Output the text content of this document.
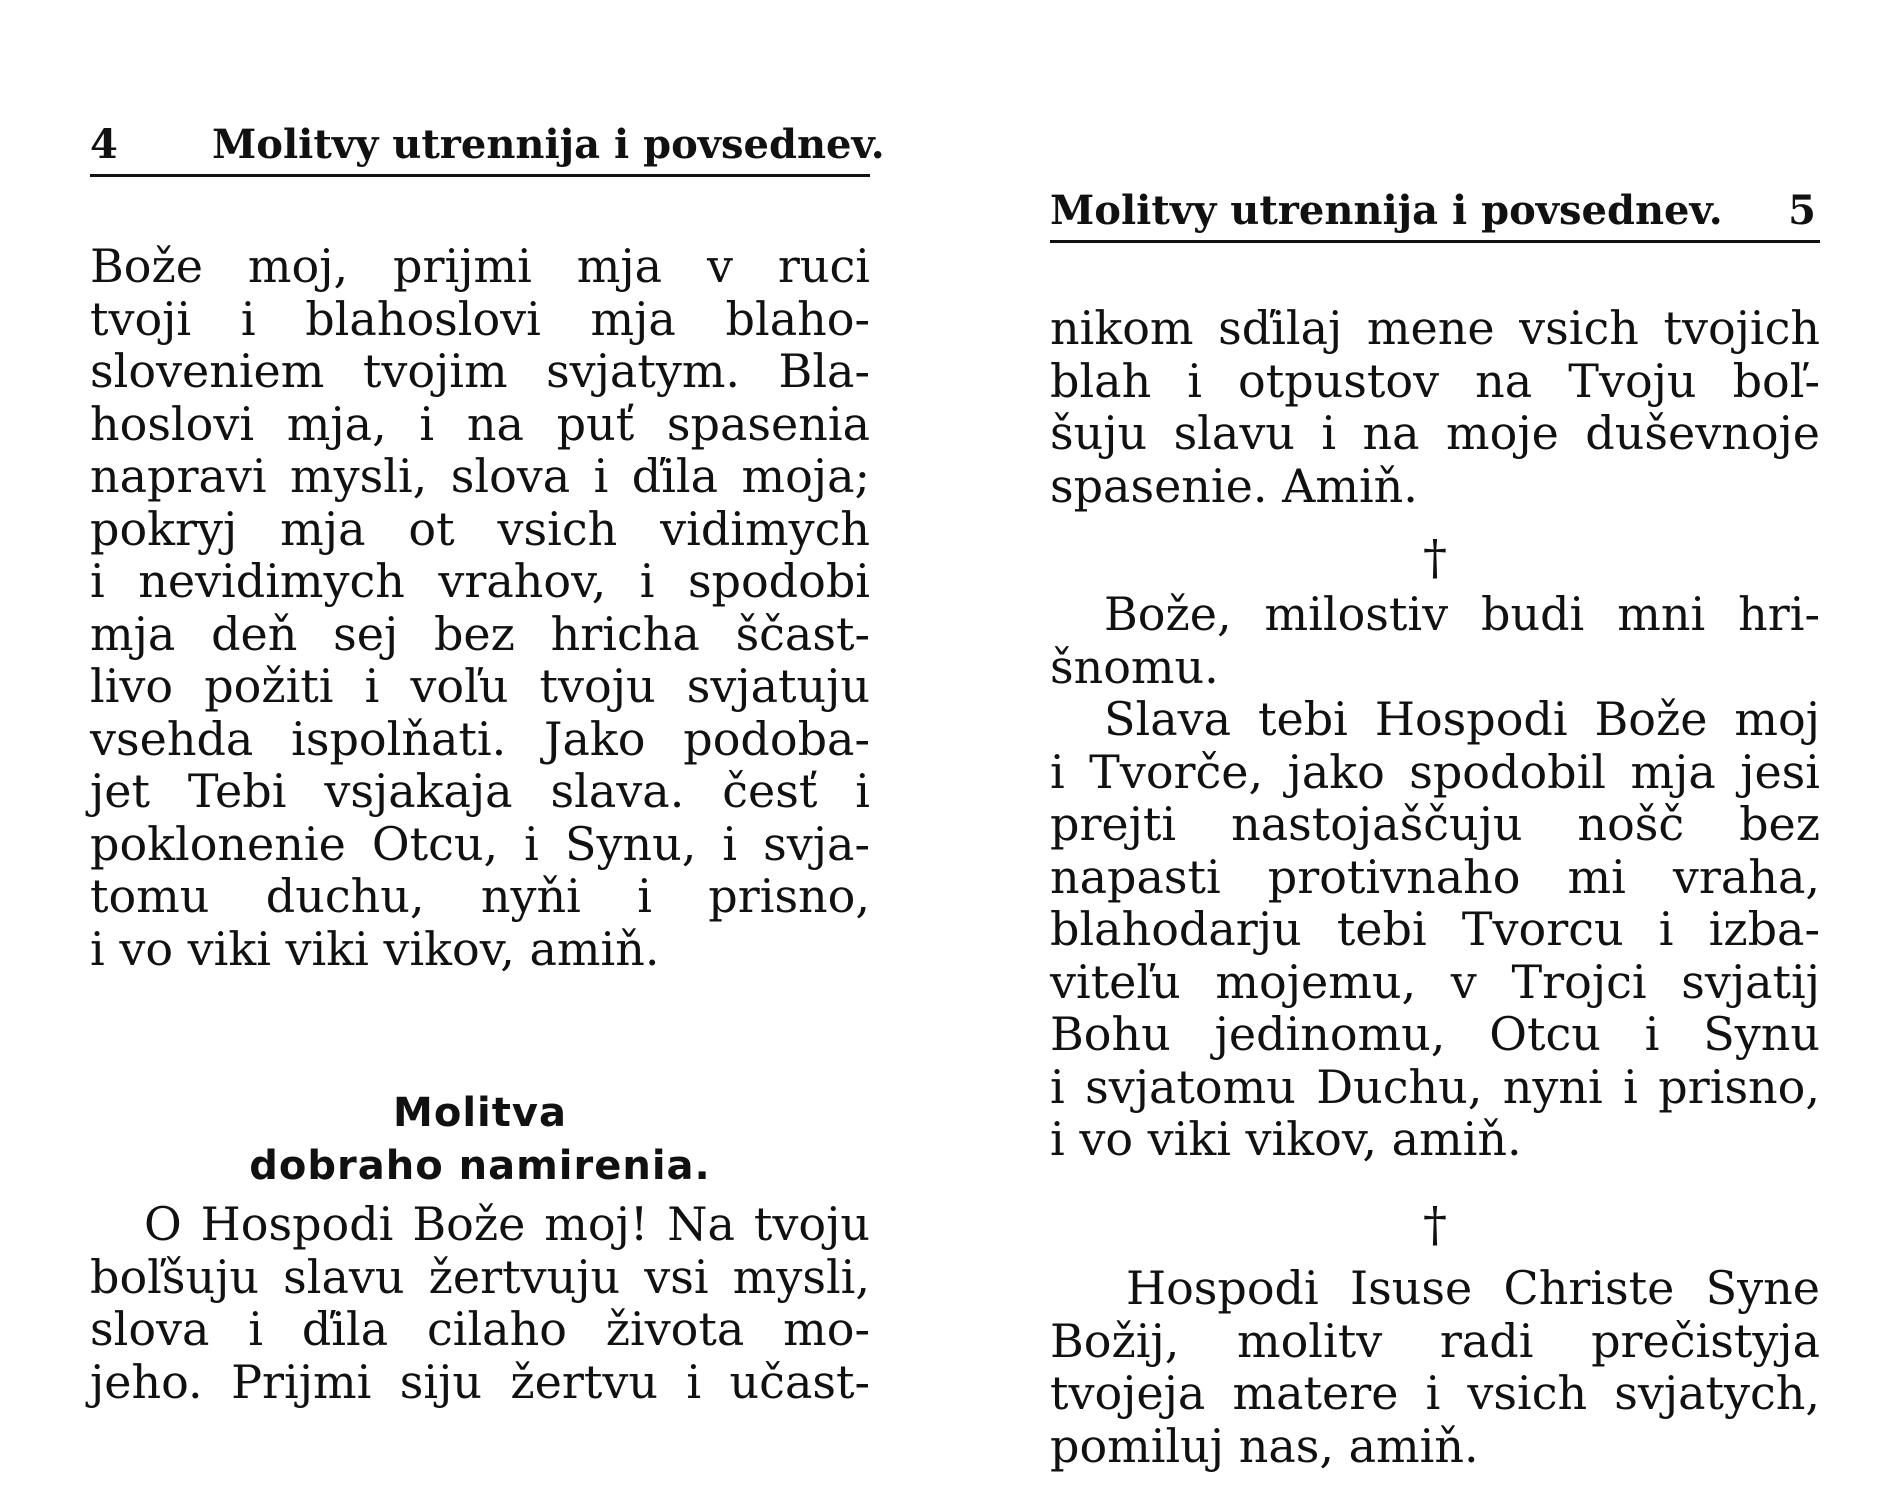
4 Molitvy utrennija i povsednev.
Bože moj, prijmi mja v ruci
tvoji i blahoslovi mja blaho-
sloveniem tvojim svjatym. Bla-
hoslovi mja, i na puť spasenia
napravi mysli, slova i ďila moja;
pokryj mja ot vsich vidimych
i nevidimych vrahov, i spodobi
mja deň sej bez hricha ščast-
livo požiti i voľu tvoju svjatuju
vsehda ispolňati. Jako podoba-
jet Tebi vsjakaja slava. česť i
poklonenie Otcu, i Synu, i svja-
tomu duchu, nyňi i prisno,
i vo viki viki vikov, amiň.
Molitva
dobraho namirenia.
O Hospodi Bože moj! Na tvoju
boľšuju slavu žertvuju vsi mysli,
slova i ďila cilaho života mo-
jeho. Prijmi siju žertvu i učast-
Molitvy utrennija i povsednev. 5
nikom sďilaj mene vsich tvojich
blah i otpustov na Tvoju boľ-
šuju slavu i na moje duševnoje
spasenie. Amiň.
†
Bože, milostiv budi mni hri-
šnomu.
Slava tebi Hospodi Bože moj
i Tvorče, jako spodobil mja jesi
prejti nastojaščuju nošč bez
napasti protivnaho mi vraha,
blahodarju tebi Tvorcu i izba-
viteľu mojemu, v Trojci svjatij
Bohu jedinomu, Otcu i Synu
i svjatomu Duchu, nyni i prisno,
i vo viki vikov, amiň.
†
Hospodi Isuse Christe Syne
Božij, molitv radi prečistyja
tvojeja matere i vsich svjatych,
pomiluj nas, amiň.
